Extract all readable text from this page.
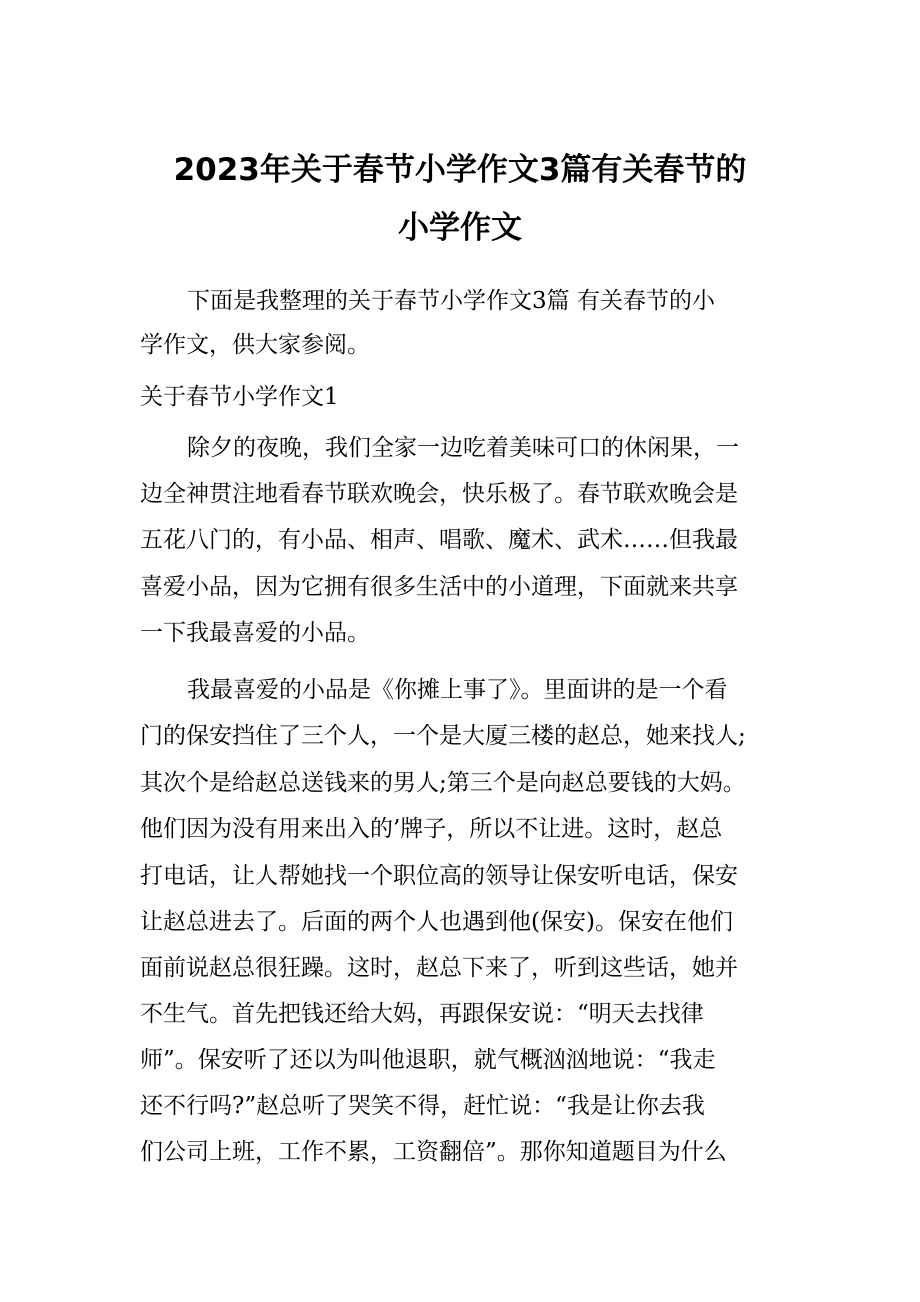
2023年关于春节小学作文3篇有关春节的
小学作文

下面是我整理的关于春节小学作文3篇 有关春节的小

学作文，供大家参阅。

关于春节小学作文1

除夕的夜晚，我们全家一边吃着美味可口的休闲果，一

边全神贯注地看春节联欢晚会，快乐极了。春节联欢晚会是

五花八门的，有小品、相声、唱歌、魔术、武术……但我最

喜爱小品，因为它拥有很多生活中的小道理，下面就来共享

一下我最喜爱的小品。

我最喜爱的小品是《你摊上事了》。里面讲的是一个看

门的保安挡住了三个人，一个是大厦三楼的赵总，她来找人;

其次个是给赵总送钱来的男人;第三个是向赵总要钱的大妈。

他们因为没有用来出入的’牌子，所以不让进。这时，赵总

打电话，让人帮她找一个职位高的领导让保安听电话，保安

让赵总进去了。后面的两个人也遇到他(保安)。保安在他们

面前说赵总很狂躁。这时，赵总下来了，听到这些话，她并

不生气。首先把钱还给大妈，再跟保安说：“明天去找律

师”。保安听了还以为叫他退职，就气概汹汹地说：“我走

还不行吗?”赵总听了哭笑不得，赶忙说：“我是让你去我

们公司上班，工作不累，工资翻倍”。那你知道题目为什么
